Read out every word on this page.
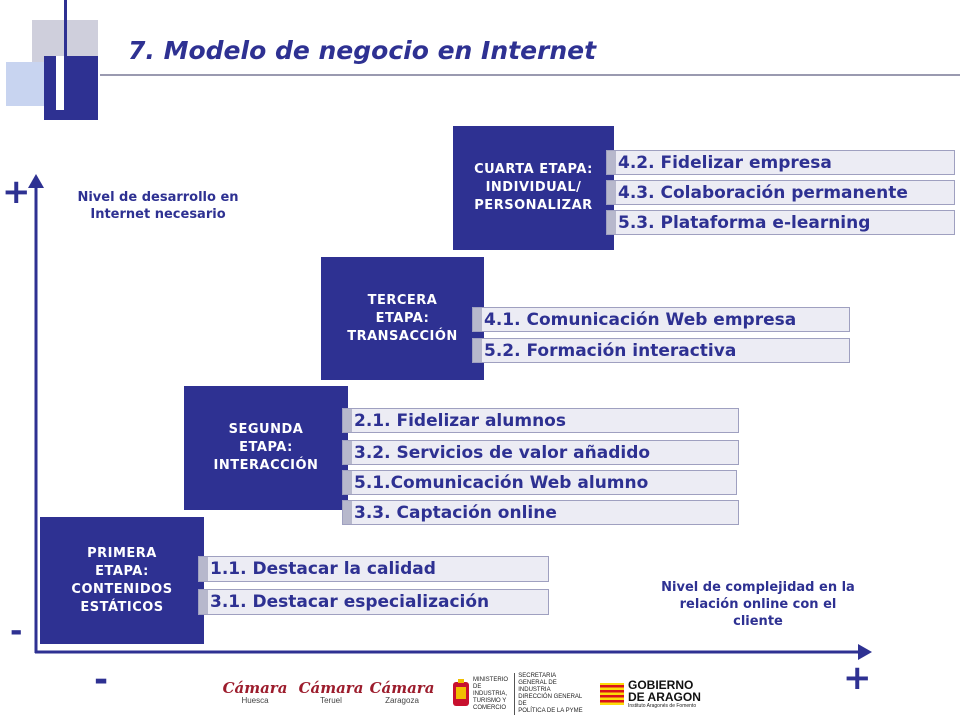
7. Modelo de negocio en Internet
+
-
-	+
Nivel de desarrollo en Internet necesario
Nivel de complejidad en la relación online con el cliente
PRIMERA
ETAPA:
CONTENIDOS
ESTÁTICOS
1.1. Destacar la calidad
3.1. Destacar especialización
SEGUNDA
ETAPA:
INTERACCIÓN
2.1. Fidelizar alumnos
3.2. Servicios de valor añadido
5.1.Comunicación Web alumno
3.3. Captación online
TERCERA
ETAPA:
TRANSACCIÓN
4.1. Comunicación Web empresa
5.2. Formación interactiva
CUARTA ETAPA:
INDIVIDUAL/
PERSONALIZAR
4.2. Fidelizar empresa
4.3. Colaboración permanente
5.3. Plataforma e-learning
Cámara
Huesca
Cámara
Teruel
Cámara
Zaragoza
MINISTERIO
DE INDUSTRIA,
TURISMO Y
COMERCIO
SECRETARIA GENERAL DE
INDUSTRIA
DIRECCIÓN GENERAL DE
POLÍTICA DE LA PYME
GOBIERNO
DE ARAGON
Instituto Aragonés de Fomento
